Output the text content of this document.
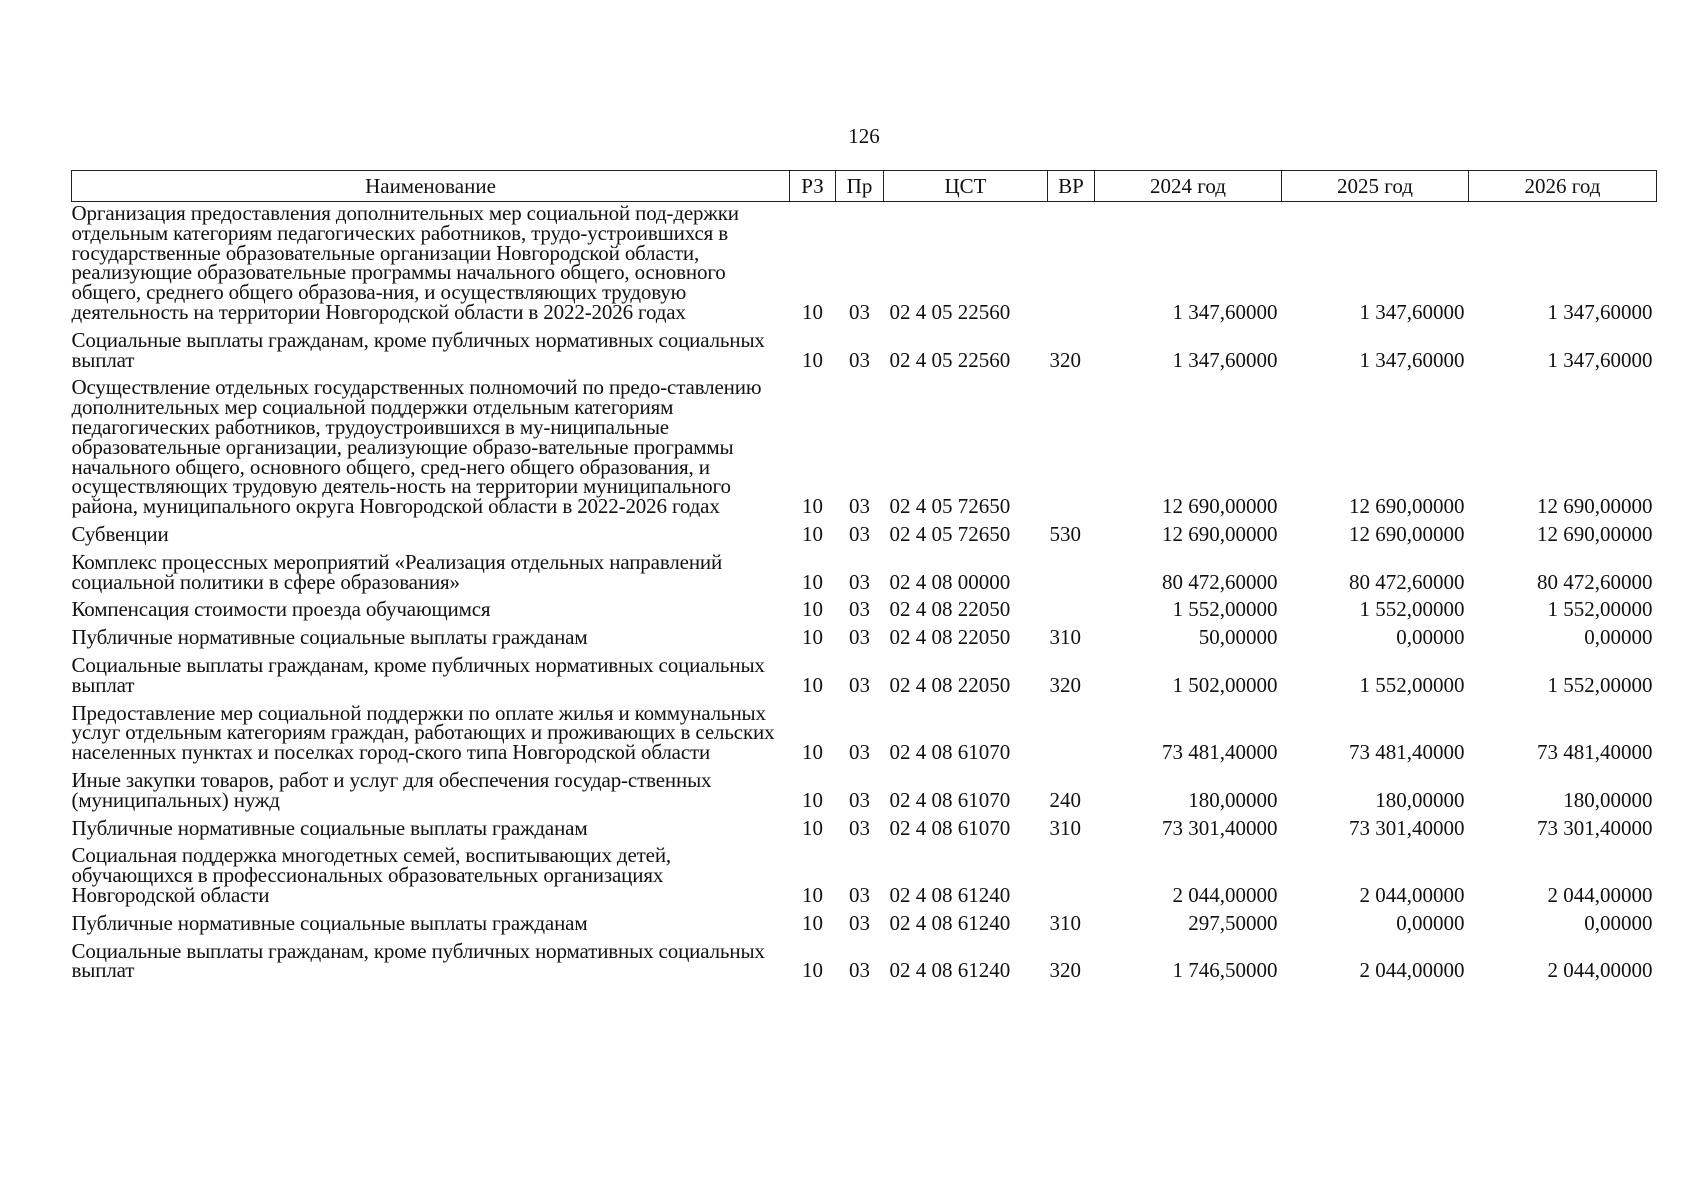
126
Наименование	РЗ	Пр	ЦСТ	ВР	2024 год	2025 год	2026 год
Организация предоставления дополнительных мер социальной под-держки отдельным категориям педагогических работников, трудо-устроившихся в государственные образовательные организации Новгородской области, реализующие образовательные программы начального общего, основного общего, среднего общего образова-ния, и осуществляющих трудовую деятельность на территории Новгородской области в 2022-2026 годах	10	03	02 4 05 22560		1 347,60000	1 347,60000	1 347,60000
Социальные выплаты гражданам, кроме публичных нормативных социальных выплат	10	03	02 4 05 22560	320	1 347,60000	1 347,60000	1 347,60000
Осуществление отдельных государственных полномочий по предо-ставлению дополнительных мер социальной поддержки отдельным категориям педагогических работников, трудоустроившихся в му-ниципальные образовательные организации, реализующие образо-вательные программы начального общего, основного общего, сред-него общего образования, и осуществляющих трудовую деятель-ность на территории муниципального района, муниципального округа Новгородской области в 2022-2026 годах	10	03	02 4 05 72650		12 690,00000	12 690,00000	12 690,00000
Субвенции	10	03	02 4 05 72650	530	12 690,00000	12 690,00000	12 690,00000
Комплекс процессных мероприятий «Реализация отдельных направлений социальной политики в сфере образования»	10	03	02 4 08 00000		80 472,60000	80 472,60000	80 472,60000
Компенсация стоимости проезда обучающимся	10	03	02 4 08 22050		1 552,00000	1 552,00000	1 552,00000
Публичные нормативные социальные выплаты гражданам	10	03	02 4 08 22050	310	50,00000	0,00000	0,00000
Социальные выплаты гражданам, кроме публичных нормативных социальных выплат	10	03	02 4 08 22050	320	1 502,00000	1 552,00000	1 552,00000
Предоставление мер социальной поддержки по оплате жилья и коммунальных услуг отдельным категориям граждан, работающих и проживающих в сельских населенных пунктах и поселках город-ского типа Новгородской области	10	03	02 4 08 61070		73 481,40000	73 481,40000	73 481,40000
Иные закупки товаров, работ и услуг для обеспечения государ-ственных (муниципальных) нужд	10	03	02 4 08 61070	240	180,00000	180,00000	180,00000
Публичные нормативные социальные выплаты гражданам	10	03	02 4 08 61070	310	73 301,40000	73 301,40000	73 301,40000
Социальная поддержка многодетных семей, воспитывающих детей, обучающихся в профессиональных образовательных организациях Новгородской области	10	03	02 4 08 61240		2 044,00000	2 044,00000	2 044,00000
Публичные нормативные социальные выплаты гражданам	10	03	02 4 08 61240	310	297,50000	0,00000	0,00000
Социальные выплаты гражданам, кроме публичных нормативных социальных выплат	10	03	02 4 08 61240	320	1 746,50000	2 044,00000	2 044,00000
